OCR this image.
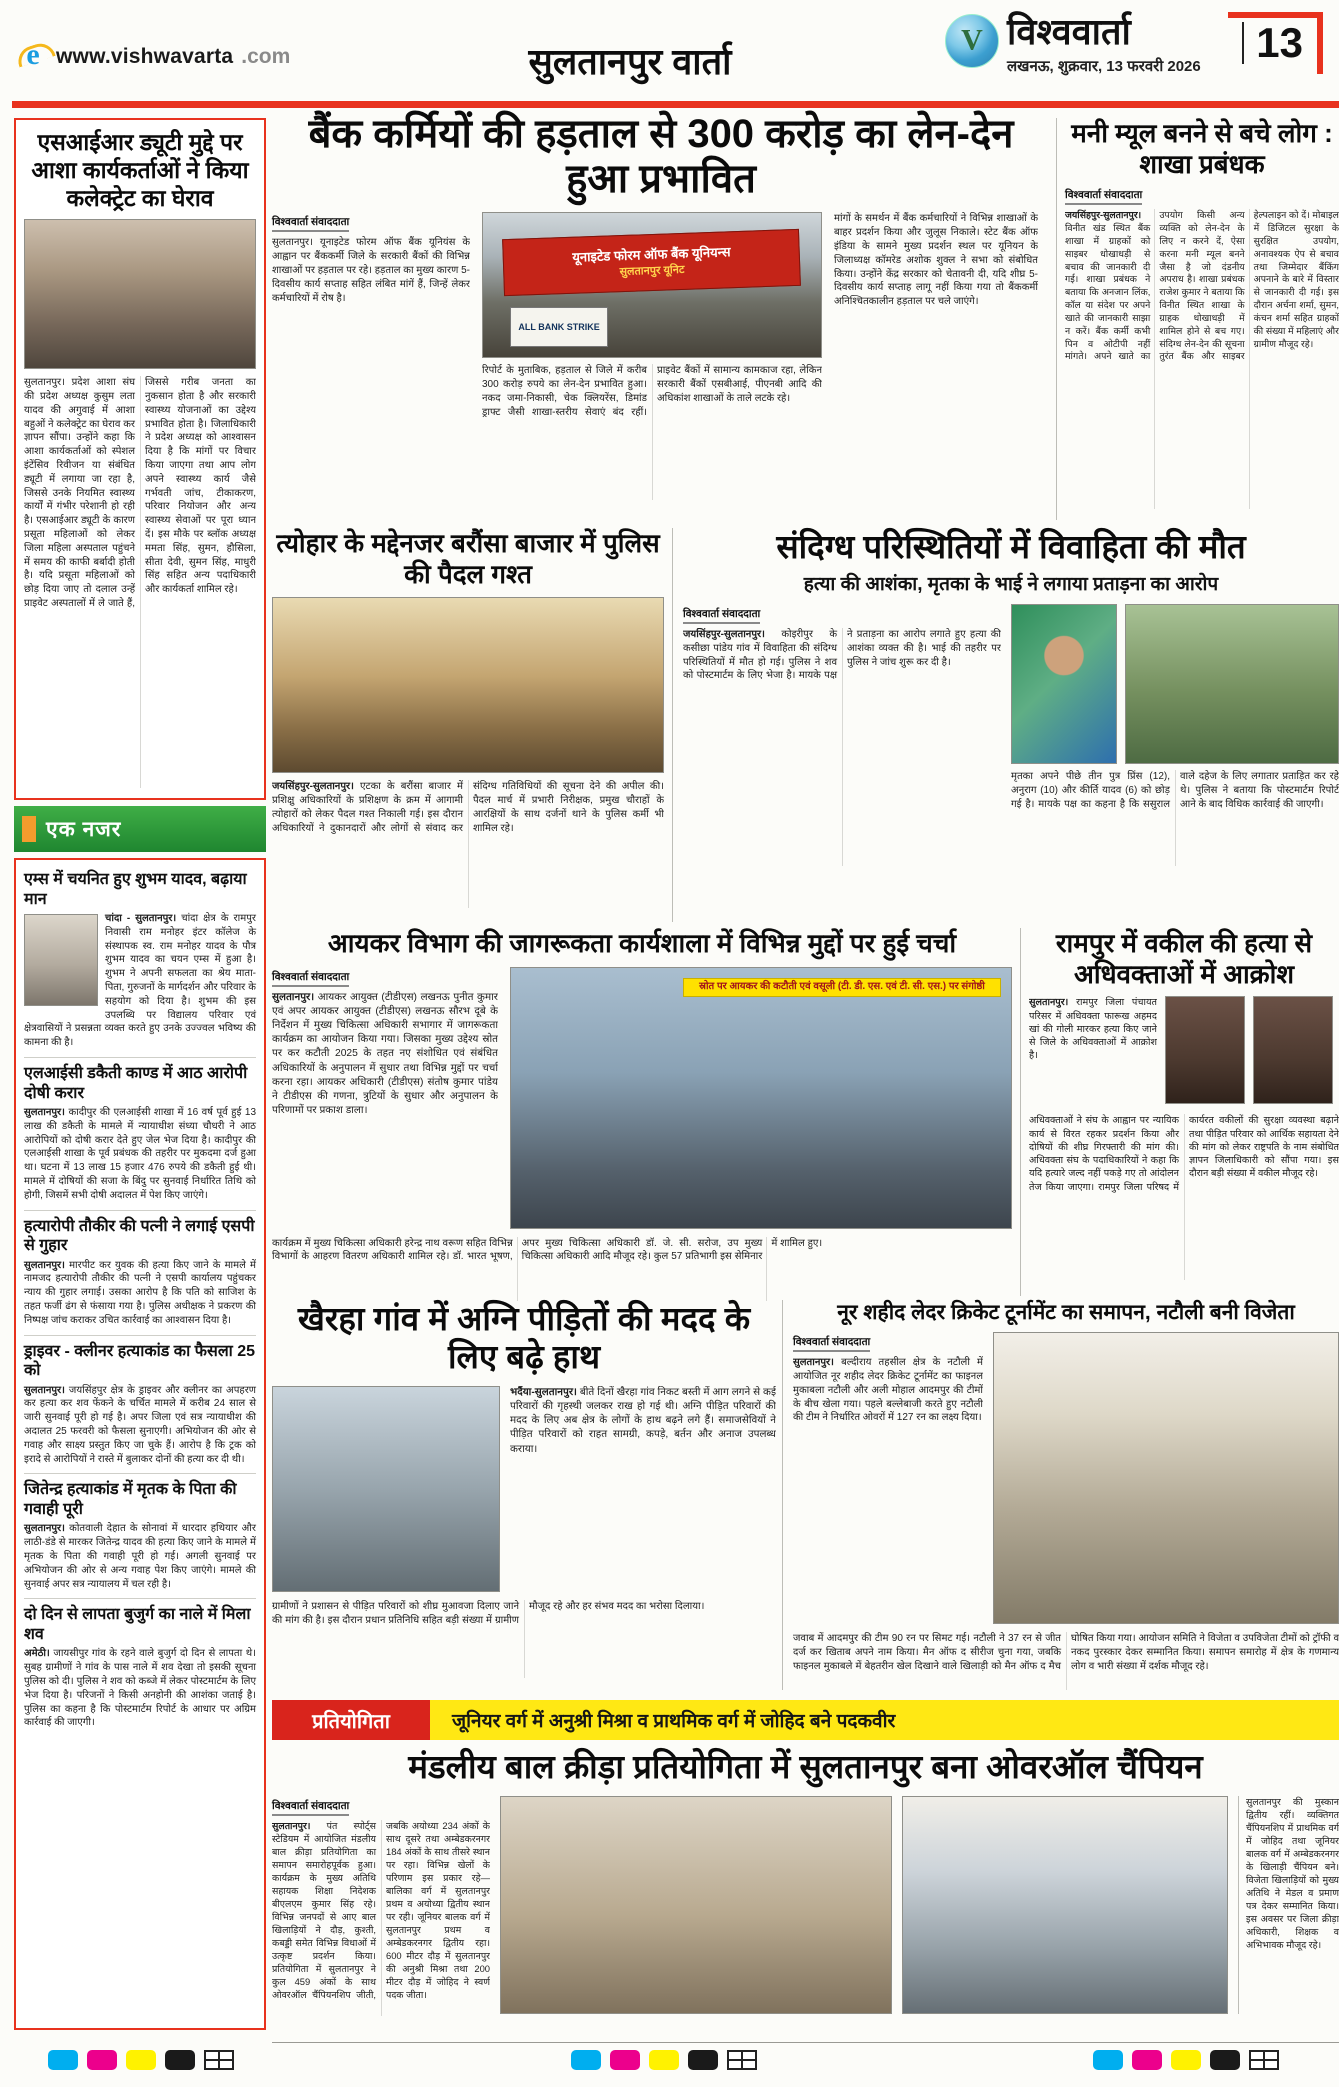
e www.vishwavarta .com	सुलतानपुर वार्ता
V विश्ववार्ता
लखनऊ, शुक्रवार, 13 फरवरी 2026
13
एसआईआर ड्यूटी मुद्दे पर आशा कार्यकर्ताओं ने किया कलेक्ट्रेट का घेराव
सुलतानपुर। प्रदेश आशा संघ की प्रदेश अध्यक्ष कुसुम लता यादव की अगुवाई में आशा बहुओं ने कलेक्ट्रेट का घेराव कर ज्ञापन सौंपा। उन्होंने कहा कि आशा कार्यकर्ताओं को स्पेशल इंटेंसिव रिवीजन या संबंधित ड्यूटी में लगाया जा रहा है, जिससे उनके नियमित स्वास्थ्य कार्यों में गंभीर परेशानी हो रही है। एसआईआर ड्यूटी के कारण प्रसूता महिलाओं को लेकर जिला महिला अस्पताल पहुंचने में समय की काफी बर्बादी होती है। यदि प्रसूता महिलाओं को छोड़ दिया जाए तो दलाल उन्हें प्राइवेट अस्पतालों में ले जाते हैं, जिससे गरीब जनता का नुकसान होता है और सरकारी स्वास्थ्य योजनाओं का उद्देश्य प्रभावित होता है। जिलाधिकारी ने प्रदेश अध्यक्ष को आश्वासन दिया है कि मांगों पर विचार किया जाएगा तथा आप लोग अपने स्वास्थ्य कार्य जैसे गर्भवती जांच, टीकाकरण, परिवार नियोजन और अन्य स्वास्थ्य सेवाओं पर पूरा ध्यान दें। इस मौके पर ब्लॉक अध्यक्ष ममता सिंह, सुमन, हौसिला, सीता देवी, सुमन सिंह, माधुरी सिंह सहित अन्य पदाधिकारी और कार्यकर्ता शामिल रहे।
एक नजर
एम्स में चयनित हुए शुभम यादव, बढ़ाया मान
चांदा - सुलतानपुर। चांदा क्षेत्र के रामपुर निवासी राम मनोहर इंटर कॉलेज के संस्थापक स्व. राम मनोहर यादव के पौत्र शुभम यादव का चयन एम्स में हुआ है। शुभम ने अपनी सफलता का श्रेय माता-पिता, गुरुजनों के मार्गदर्शन और परिवार के सहयोग को दिया है। शुभम की इस उपलब्धि पर विद्यालय परिवार एवं क्षेत्रवासियों ने प्रसन्नता व्यक्त करते हुए उनके उज्ज्वल भविष्य की कामना की है।
एलआईसी डकैती काण्ड में आठ आरोपी दोषी करार
सुलतानपुर। कादीपुर की एलआईसी शाखा में 16 वर्ष पूर्व हुई 13 लाख की डकैती के मामले में न्यायाधीश संध्या चौधरी ने आठ आरोपियों को दोषी करार देते हुए जेल भेज दिया है। कादीपुर की एलआईसी शाखा के पूर्व प्रबंधक की तहरीर पर मुकदमा दर्ज हुआ था। घटना में 13 लाख 15 हजार 476 रुपये की डकैती हुई थी। मामले में दोषियों की सजा के बिंदु पर सुनवाई निर्धारित तिथि को होगी, जिसमें सभी दोषी अदालत में पेश किए जाएंगे।
हत्यारोपी तौकीर की पत्नी ने लगाई एसपी से गुहार
सुलतानपुर। मारपीट कर युवक की हत्या किए जाने के मामले में नामजद हत्यारोपी तौकीर की पत्नी ने एसपी कार्यालय पहुंचकर न्याय की गुहार लगाई। उसका आरोप है कि पति को साजिश के तहत फर्जी ढंग से फंसाया गया है। पुलिस अधीक्षक ने प्रकरण की निष्पक्ष जांच कराकर उचित कार्रवाई का आश्वासन दिया है।
ड्राइवर - क्लीनर हत्याकांड का फैसला 25 को
सुलतानपुर। जयसिंहपुर क्षेत्र के ड्राइवर और क्लीनर का अपहरण कर हत्या कर शव फेंकने के चर्चित मामले में करीब 24 साल से जारी सुनवाई पूरी हो गई है। अपर जिला एवं सत्र न्यायाधीश की अदालत 25 फरवरी को फैसला सुनाएगी। अभियोजन की ओर से गवाह और साक्ष्य प्रस्तुत किए जा चुके हैं। आरोप है कि ट्रक को इरादे से आरोपियों ने रास्ते में बुलाकर दोनों की हत्या कर दी थी।
जितेन्द्र हत्याकांड में मृतक के पिता की गवाही पूरी
सुलतानपुर। कोतवाली देहात के सोनावां में धारदार हथियार और लाठी-डंडे से मारकर जितेन्द्र यादव की हत्या किए जाने के मामले में मृतक के पिता की गवाही पूरी हो गई। अगली सुनवाई पर अभियोजन की ओर से अन्य गवाह पेश किए जाएंगे। मामले की सुनवाई अपर सत्र न्यायालय में चल रही है।
दो दिन से लापता बुजुर्ग का नाले में मिला शव
अमेठी। जायसीपुर गांव के रहने वाले बुजुर्ग दो दिन से लापता थे। सुबह ग्रामीणों ने गांव के पास नाले में शव देखा तो इसकी सूचना पुलिस को दी। पुलिस ने शव को कब्जे में लेकर पोस्टमार्टम के लिए भेज दिया है। परिजनों ने किसी अनहोनी की आशंका जताई है। पुलिस का कहना है कि पोस्टमार्टम रिपोर्ट के आधार पर अग्रिम कार्रवाई की जाएगी।
बैंक कर्मियों की हड़ताल से 300 करोड़ का लेन-देन हुआ प्रभावित
विश्ववार्ता संवाददाता
सुलतानपुर। यूनाइटेड फोरम ऑफ बैंक यूनियंस के आह्वान पर बैंककर्मी जिले के सरकारी बैंकों की विभिन्न शाखाओं पर हड़ताल पर रहे। हड़ताल का मुख्य कारण 5-दिवसीय कार्य सप्ताह सहित लंबित मांगें हैं, जिन्हें लेकर कर्मचारियों में रोष है।
यूनाइटेड फोरम ऑफ बैंक यूनियन्स
सुलतानपुर यूनिट
ALL BANK STRIKE
रिपोर्ट के मुताबिक, हड़ताल से जिले में करीब 300 करोड़ रुपये का लेन-देन प्रभावित हुआ। नकद जमा-निकासी, चेक क्लियरेंस, डिमांड ड्राफ्ट जैसी शाखा-स्तरीय सेवाएं बंद रहीं। प्राइवेट बैंकों में सामान्य कामकाज रहा, लेकिन सरकारी बैंकों एसबीआई, पीएनबी आदि की अधिकांश शाखाओं के ताले लटके रहे।
मांगों के समर्थन में बैंक कर्मचारियों ने विभिन्न शाखाओं के बाहर प्रदर्शन किया और जुलूस निकाले। स्टेट बैंक ऑफ इंडिया के सामने मुख्य प्रदर्शन स्थल पर यूनियन के जिलाध्यक्ष कॉमरेड अशोक शुक्ल ने सभा को संबोधित किया। उन्होंने केंद्र सरकार को चेतावनी दी, यदि शीघ्र 5-दिवसीय कार्य सप्ताह लागू नहीं किया गया तो बैंककर्मी अनिश्चितकालीन हड़ताल पर चले जाएंगे।
मनी म्यूल बनने से बचे लोग : शाखा प्रबंधक
विश्ववार्ता संवाददाता
जयसिंहपुर-सुलतानपुर। विनीत खंड स्थित बैंक शाखा में ग्राहकों को साइबर धोखाधड़ी से बचाव की जानकारी दी गई। शाखा प्रबंधक ने बताया कि अनजान लिंक, कॉल या संदेश पर अपने खाते की जानकारी साझा न करें। बैंक कर्मी कभी पिन व ओटीपी नहीं मांगते। अपने खाते का उपयोग किसी अन्य व्यक्ति को लेन-देन के लिए न करने दें, ऐसा करना मनी म्यूल बनने जैसा है जो दंडनीय अपराध है। शाखा प्रबंधक राजेश कुमार ने बताया कि विनीत स्थित शाखा के ग्राहक धोखाधड़ी में शामिल होने से बच गए। संदिग्ध लेन-देन की सूचना तुरंत बैंक और साइबर हेल्पलाइन को दें। मोबाइल में डिजिटल सुरक्षा के सुरक्षित उपयोग, अनावश्यक ऐप से बचाव तथा जिम्मेदार बैंकिंग अपनाने के बारे में विस्तार से जानकारी दी गई। इस दौरान अर्चना शर्मा, सुमन, कंचन शर्मा सहित ग्राहकों की संख्या में महिलाएं और ग्रामीण मौजूद रहे।
त्योहार के मद्देनजर बरौंसा बाजार में पुलिस की पैदल गश्त
जयसिंहपुर-सुलतानपुर। एटका के बरौंसा बाजार में प्रशिक्षु अधिकारियों के प्रशिक्षण के क्रम में आगामी त्योहारों को लेकर पैदल गश्त निकाली गई। इस दौरान अधिकारियों ने दुकानदारों और लोगों से संवाद कर संदिग्ध गतिविधियों की सूचना देने की अपील की। पैदल मार्च में प्रभारी निरीक्षक, प्रमुख चौराहों के आरक्षियों के साथ दर्जनों थाने के पुलिस कर्मी भी शामिल रहे।
संदिग्ध परिस्थितियों में विवाहिता की मौत
हत्या की आशंका, मृतका के भाई ने लगाया प्रताड़ना का आरोप
विश्ववार्ता संवाददाता
जयसिंहपुर-सुलतानपुर। कोइरीपुर के कसीछा पांडेय गांव में विवाहिता की संदिग्ध परिस्थितियों में मौत हो गई। पुलिस ने शव को पोस्टमार्टम के लिए भेजा है। मायके पक्ष ने प्रताड़ना का आरोप लगाते हुए हत्या की आशंका व्यक्त की है। भाई की तहरीर पर पुलिस ने जांच शुरू कर दी है।
मृतका अपने पीछे तीन पुत्र प्रिंस (12), अनुराग (10) और कीर्ति यादव (6) को छोड़ गई है। मायके पक्ष का कहना है कि ससुराल वाले दहेज के लिए लगातार प्रताड़ित कर रहे थे। पुलिस ने बताया कि पोस्टमार्टम रिपोर्ट आने के बाद विधिक कार्रवाई की जाएगी।
आयकर विभाग की जागरूकता कार्यशाला में विभिन्न मुद्दों पर हुई चर्चा
विश्ववार्ता संवाददाता
सुलतानपुर। आयकर आयुक्त (टीडीएस) लखनऊ पुनीत कुमार एवं अपर आयकर आयुक्त (टीडीएस) लखनऊ सौरभ दूबे के निर्देशन में मुख्य चिकित्सा अधिकारी सभागार में जागरूकता कार्यक्रम का आयोजन किया गया। जिसका मुख्य उद्देश्य स्रोत पर कर कटौती 2025 के तहत नए संशोधित एवं संबंधित अधिकारियों के अनुपालन में सुधार तथा विभिन्न मुद्दों पर चर्चा करना रहा। आयकर अधिकारी (टीडीएस) संतोष कुमार पांडेय ने टीडीएस की गणना, त्रुटियों के सुधार और अनुपालन के परिणामों पर प्रकाश डाला।
स्रोत पर आयकर की कटौती एवं वसूली (टी. डी. एस. एवं टी. सी. एस.) पर संगोष्ठी
कार्यक्रम में मुख्य चिकित्सा अधिकारी हरेन्द्र नाथ वरूण सहित विभिन्न विभागों के आहरण वितरण अधिकारी शामिल रहे। डॉ. भारत भूषण, अपर मुख्य चिकित्सा अधिकारी डॉ. जे. सी. सरोज, उप मुख्य चिकित्सा अधिकारी आदि मौजूद रहे। कुल 57 प्रतिभागी इस सेमिनार में शामिल हुए।
रामपुर में वकील की हत्या से अधिवक्ताओं में आक्रोश
सुलतानपुर। रामपुर जिला पंचायत परिसर में अधिवक्ता फारूख अहमद खां की गोली मारकर हत्या किए जाने से जिले के अधिवक्ताओं में आक्रोश है।
अधिवक्ताओं ने संघ के आह्वान पर न्यायिक कार्य से विरत रहकर प्रदर्शन किया और दोषियों की शीघ्र गिरफ्तारी की मांग की। अधिवक्ता संघ के पदाधिकारियों ने कहा कि यदि हत्यारे जल्द नहीं पकड़े गए तो आंदोलन तेज किया जाएगा। रामपुर जिला परिषद में कार्यरत वकीलों की सुरक्षा व्यवस्था बढ़ाने तथा पीड़ित परिवार को आर्थिक सहायता देने की मांग को लेकर राष्ट्रपति के नाम संबोधित ज्ञापन जिलाधिकारी को सौंपा गया। इस दौरान बड़ी संख्या में वकील मौजूद रहे।
खैरहा गांव में अग्नि पीड़ितों की मदद के लिए बढ़े हाथ
भदैंया-सुलतानपुर। बीते दिनों खैरहा गांव निकट बस्ती में आग लगने से कई परिवारों की गृहस्थी जलकर राख हो गई थी। अग्नि पीड़ित परिवारों की मदद के लिए अब क्षेत्र के लोगों के हाथ बढ़ने लगे हैं। समाजसेवियों ने पीड़ित परिवारों को राहत सामग्री, कपड़े, बर्तन और अनाज उपलब्ध कराया।
ग्रामीणों ने प्रशासन से पीड़ित परिवारों को शीघ्र मुआवजा दिलाए जाने की मांग की है। इस दौरान प्रधान प्रतिनिधि सहित बड़ी संख्या में ग्रामीण मौजूद रहे और हर संभव मदद का भरोसा दिलाया।
नूर शहीद लेदर क्रिकेट टूर्नामेंट का समापन, नटौली बनी विजेता
विश्ववार्ता संवाददाता
सुलतानपुर। बल्दीराय तहसील क्षेत्र के नटौली में आयोजित नूर शहीद लेदर क्रिकेट टूर्नामेंट का फाइनल मुकाबला नटौली और अली मोहाल आदमपुर की टीमों के बीच खेला गया। पहले बल्लेबाजी करते हुए नटौली की टीम ने निर्धारित ओवरों में 127 रन का लक्ष्य दिया।
जवाब में आदमपुर की टीम 90 रन पर सिमट गई। नटौली ने 37 रन से जीत दर्ज कर खिताब अपने नाम किया। मैन ऑफ द सीरीज चुना गया, जबकि फाइनल मुकाबले में बेहतरीन खेल दिखाने वाले खिलाड़ी को मैन ऑफ द मैच घोषित किया गया। आयोजन समिति ने विजेता व उपविजेता टीमों को ट्रॉफी व नकद पुरस्कार देकर सम्मानित किया। समापन समारोह में क्षेत्र के गणमान्य लोग व भारी संख्या में दर्शक मौजूद रहे।
प्रतियोगिता	जूनियर वर्ग में अनुश्री मिश्रा व प्राथमिक वर्ग में जोहिद बने पदकवीर
मंडलीय बाल क्रीड़ा प्रतियोगिता में सुलतानपुर बना ओवरऑल चैंपियन
विश्ववार्ता संवाददाता
सुलतानपुर। पंत स्पोर्ट्स स्टेडियम में आयोजित मंडलीय बाल क्रीड़ा प्रतियोगिता का समापन समारोहपूर्वक हुआ। कार्यक्रम के मुख्य अतिथि सहायक शिक्षा निदेशक बीएलएम कुमार सिंह रहे। विभिन्न जनपदों से आए बाल खिलाड़ियों ने दौड़, कुश्ती, कबड्डी समेत विभिन्न विधाओं में उत्कृष्ट प्रदर्शन किया। प्रतियोगिता में सुलतानपुर ने कुल 459 अंकों के साथ ओवरऑल चैंपियनशिप जीती, जबकि अयोध्या 234 अंकों के साथ दूसरे तथा अम्बेडकरनगर 184 अंकों के साथ तीसरे स्थान पर रहा। विभिन्न खेलों के परिणाम इस प्रकार रहे— बालिका वर्ग में सुलतानपुर प्रथम व अयोध्या द्वितीय स्थान पर रही। जूनियर बालक वर्ग में सुलतानपुर प्रथम व अम्बेडकरनगर द्वितीय रहा। 600 मीटर दौड़ में सुलतानपुर की अनुश्री मिश्रा तथा 200 मीटर दौड़ में जोहिद ने स्वर्ण पदक जीता।
सुलतानपुर की मुस्कान द्वितीय रहीं। व्यक्तिगत चैंपियनशिप में प्राथमिक वर्ग में जोहिद तथा जूनियर बालक वर्ग में अम्बेडकरनगर के खिलाड़ी चैंपियन बने। विजेता खिलाड़ियों को मुख्य अतिथि ने मेडल व प्रमाण पत्र देकर सम्मानित किया। इस अवसर पर जिला क्रीड़ा अधिकारी, शिक्षक व अभिभावक मौजूद रहे।
